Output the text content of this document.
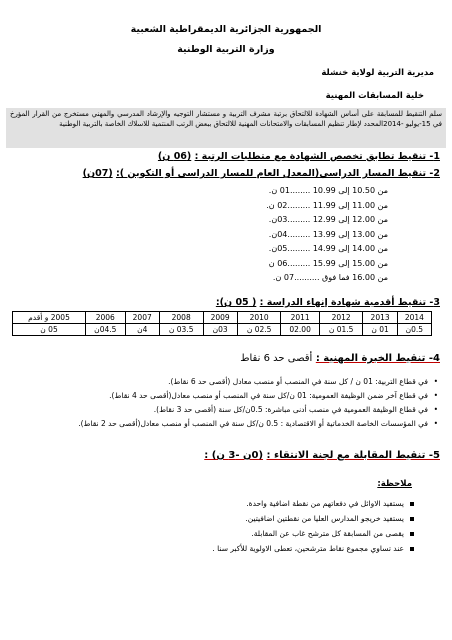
الجمهورية الجزائرية الديمقراطية الشعبية
وزارة التربية الوطنية
مديرية التربية لولاية خنشلة
خلية المسابقات المهنية
سلم التنقيط للمسابقة على أساس الشهادة للالتحاق برتبة مشرف التربية و مستشار التوجيه والإرشاد المدرسي والمهني مستخرج من القرار المؤرخ في 15-يوليو -2014المحدد لإطار تنظيم المسابقات والامتحانات المهنية للالتحاق ببعض الرتب المنتمية للاسلاك الخاصة بالتربية الوطنية
1- تنقيط تطابق تخصص الشهادة مع متطلبات الرتبة : (06 ن)
2- تنقيط المسار الدراسي(المعدل العام للمسار الدراسي أو التكوين ): (07ن)
من 10.50 إلى 10.99 ........01 ن.
من 11.00 إلى 11.99 .........02 ن.
من 12.00 إلى 12.99 .........03ن.
من 13.00 إلى 13.99 .........04ن.
من 14.00 إلى 14.99 .........05ن.
من 15.00 إلى 15.99 .........06 ن
من 16.00 فما فوق ..........07 ن.
3- تنقيط أقدمية شهادة إنهاء الدراسة : ( 05 ن):
2014	2013	2012	2011	2010	2009	2008	2007	2006	2005 و أقدم
0.5ن	01 ن	01.5 ن	02.00	02.5 ن	03ن	03.5 ن	4ن	04.5ن	05 ن
4- تنقيط الخبرة المهنية : أقصى حد 6 نقاط
•في قطاع التربية: 01 ن / كل سنة في المنصب أو منصب معادل (أقصى حد 6 نقاط).
•في قطاع آخر ضمن الوظيفة العمومية: 01 ن/كل سنة في المنصب أو منصب معادل(أقصى حد 4 نقاط).
•في قطاع الوظيفة العمومية في منصب أدنى مباشرة: 0.5ن/كل سنة (أقصى حد 3 نقاط).
•في المؤسسات الخاصة الخدماتية أو الاقتصادية : 0.5 ن/كل سنة في المنصب أو منصب معادل(أقصى حد 2 نقاط).
5- تنقيط المقابلة مع لجنة الانتقاء : (0ن -3 ن) :
ملاحظة:
يستفيد الاوائل في دفعاتهم من نقطة اضافية واحدة.
يستفيد خريجو المدارس العليا من نقطتين اضافيتين.
يقصى من المسابقة كل مترشح غاب عن المقابلة.
عند تساوي مجموع نقاط مترشحين، تعطى الاولوية للأكبر سنا .
